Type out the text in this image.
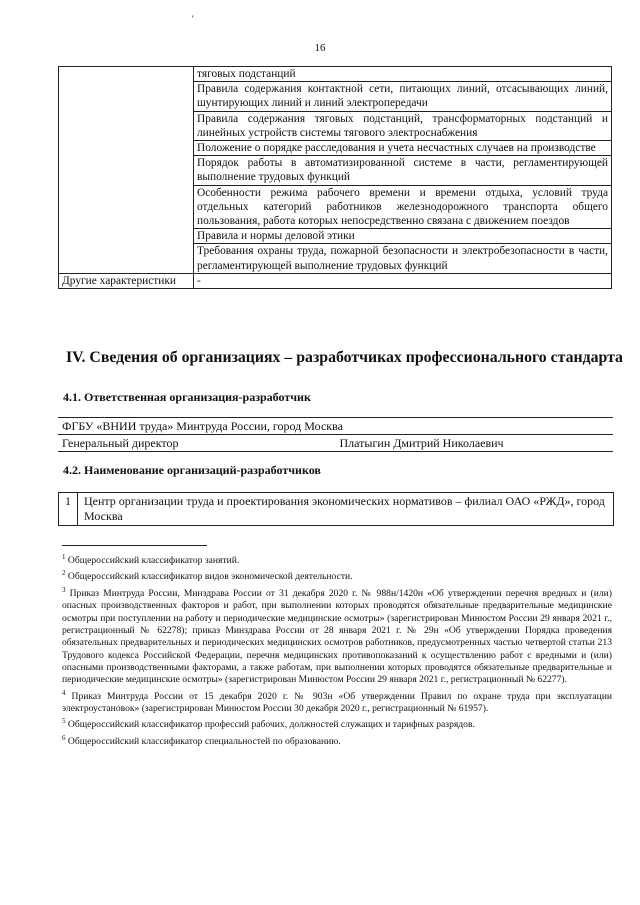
16
'
	тяговых подстанций
	Правила содержания контактной сети, питающих линий, отсасывающих линий, шунтирующих линий и линий электропередачи
	Правила содержания тяговых подстанций, трансформаторных подстанций и линейных устройств системы тягового электроснабжения
	Положение о порядке расследования и учета несчастных случаев на производстве
	Порядок работы в автоматизированной системе в части, регламентирующей выполнение трудовых функций
	Особенности режима рабочего времени и времени отдыха, условий труда отдельных категорий работников железнодорожного транспорта общего пользования, работа которых непосредственно связана с движением поездов
	Правила и нормы деловой этики
	Требования охраны труда, пожарной безопасности и электробезопасности в части, регламентирующей выполнение трудовых функций
Другие характеристики	-
IV. Сведения об организациях – разработчиках профессионального стандарта
4.1. Ответственная организация-разработчик
ФГБУ «ВНИИ труда» Минтруда России, город Москва
Генеральный директор	Платыгин Дмитрий Николаевич
4.2. Наименование организаций-разработчиков
1	Центр организации труда и проектирования экономических нормативов – филиал ОАО «РЖД», город Москва
$^1$ Общероссийский классификатор занятий.
$^2$ Общероссийский классификатор видов экономической деятельности.
$^3$ Приказ Минтруда России, Минздрава России от 31 декабря 2020 г. № 988н/1420н «Об утверждении перечня вредных и (или) опасных производственных факторов и работ, при выполнении которых проводятся обязательные предварительные медицинские осмотры при поступлении на работу и периодические медицинские осмотры» (зарегистрирован Минюстом России 29 января 2021 г., регистрационный № 62278); приказ Минздрава России от 28 января 2021 г. № 29н «Об утверждении Порядка проведения обязательных предварительных и периодических медицинских осмотров работников, предусмотренных частью четвертой статьи 213 Трудового кодекса Российской Федерации, перечня медицинских противопоказаний к осуществлению работ с вредными и (или) опасными производственными факторами, а также работам, при выполнении которых проводятся обязательные предварительные и периодические медицинские осмотры» (зарегистрирован Минюстом России 29 января 2021 г., регистрационный № 62277).
$^4$ Приказ Минтруда России от 15 декабря 2020 г. № 903н «Об утверждении Правил по охране труда при эксплуатации электроустановок» (зарегистрирован Минюстом России 30 декабря 2020 г., регистрационный № 61957).
$^5$ Общероссийский классификатор профессий рабочих, должностей служащих и тарифных разрядов.
$^6$ Общероссийский классификатор специальностей по образованию.
